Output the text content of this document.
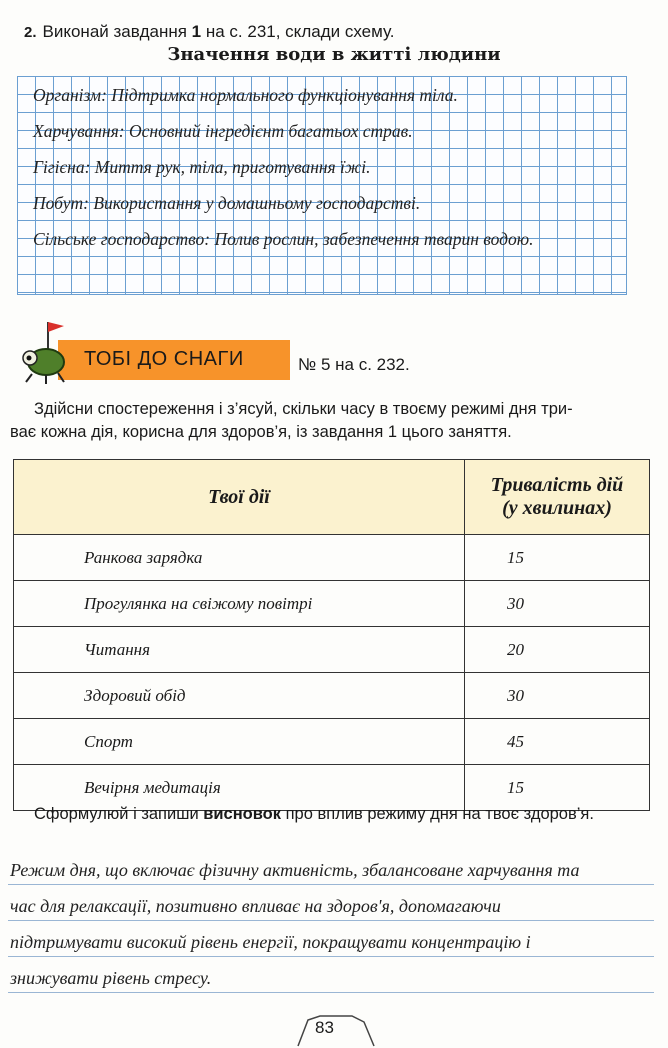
2. Виконай завдання 1 на с. 231, склади схему.
Значення води в житті людини
Організм: Підтримка нормального функціонування тіла.
Харчування: Основний інгредієнт багатьох страв.
Гігієна: Миття рук, тіла, приготування їжі.
Побут: Використання у домашньому господарстві.
Сільське господарство: Полив рослин, забезпечення тварин водою.
ТОБІ ДО СНАГИ	№ 5 на с. 232.
Здійсни спостереження і з’ясуй, скільки часу в твоєму режимі дня три-
ває кожна дія, корисна для здоров’я, із завдання 1 цього заняття.
Твої дії	Тривалість дій
(у хвилинах)
Ранкова зарядка	15
Прогулянка на свіжому повітрі	30
Читання	20
Здоровий обід	30
Спорт	45
Вечірня медитація	15
Сформулюй і запиши висновок про вплив режиму дня на твоє здоров’я.
Режим дня, що включає фізичну активність, збалансоване харчування та
час для релаксації, позитивно впливає на здоров'я, допомагаючи
підтримувати високий рівень енергії, покращувати концентрацію і
знижувати рівень стресу.
83
